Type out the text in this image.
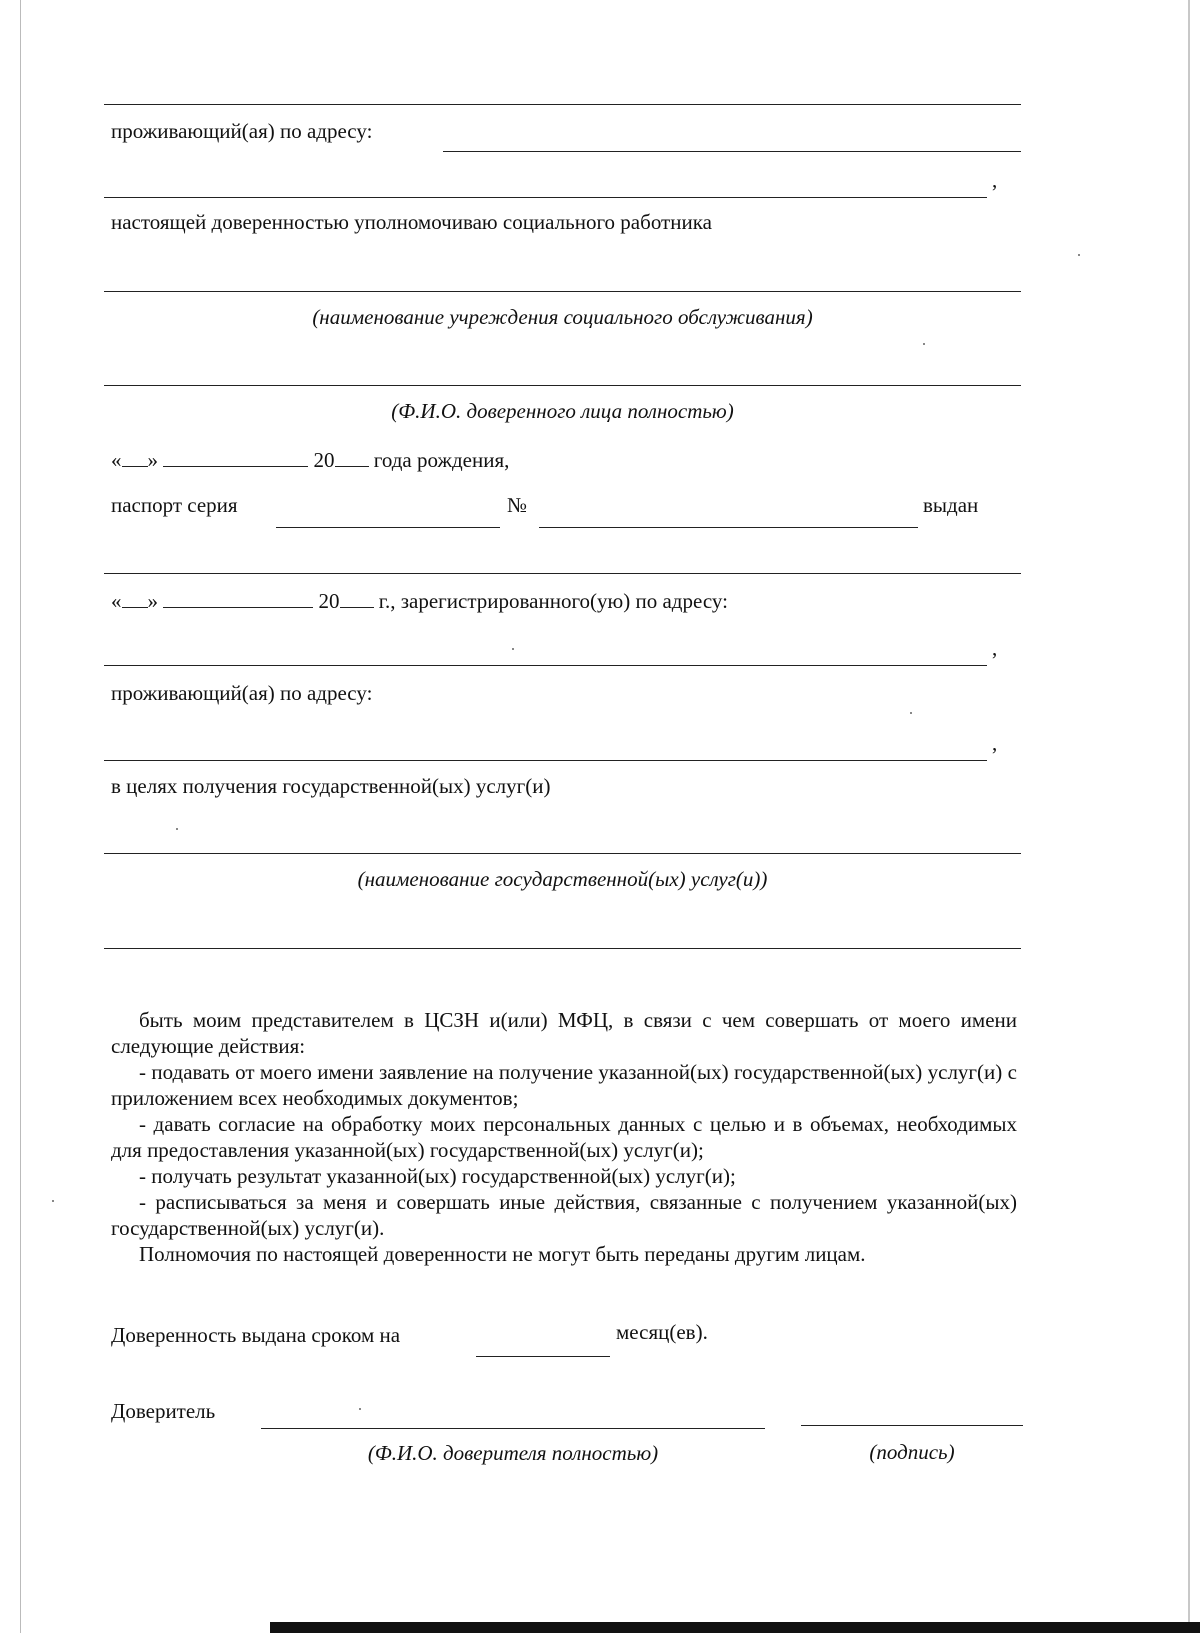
проживающий(ая) по адресу:
,
настоящей доверенностью уполномочиваю социального работника
(наименование учреждения социального обслуживания)
(Ф.И.О. доверенного лица полностью)
« »	20 года рождения,
паспорт серия	№	выдан
« »	20 г., зарегистрированного(ую) по адресу:
,
проживающий(ая) по адресу:
,
в целях получения государственной(ых) услуг(и)
(наименование государственной(ых) услуг(и))

быть моим представителем в ЦСЗН и(или) МФЦ, в связи с чем совершать от моего имени следующие действия:

- подавать от моего имени заявление на получение указанной(ых) государственной(ых) услуг(и) с приложением всех необходимых документов;

- давать согласие на обработку моих персональных данных с целью и в объемах, необходимых для предоставления указанной(ых) государственной(ых) услуг(и);

- получать результат указанной(ых) государственной(ых) услуг(и);

- расписываться за меня и совершать иные действия, связанные с получением указанной(ых) государственной(ых) услуг(и).

Полномочия по настоящей доверенности не могут быть переданы другим лицам.

Доверенность выдана сроком на	месяц(ев).
Доверитель
(Ф.И.О. доверителя полностью)	(подпись)
